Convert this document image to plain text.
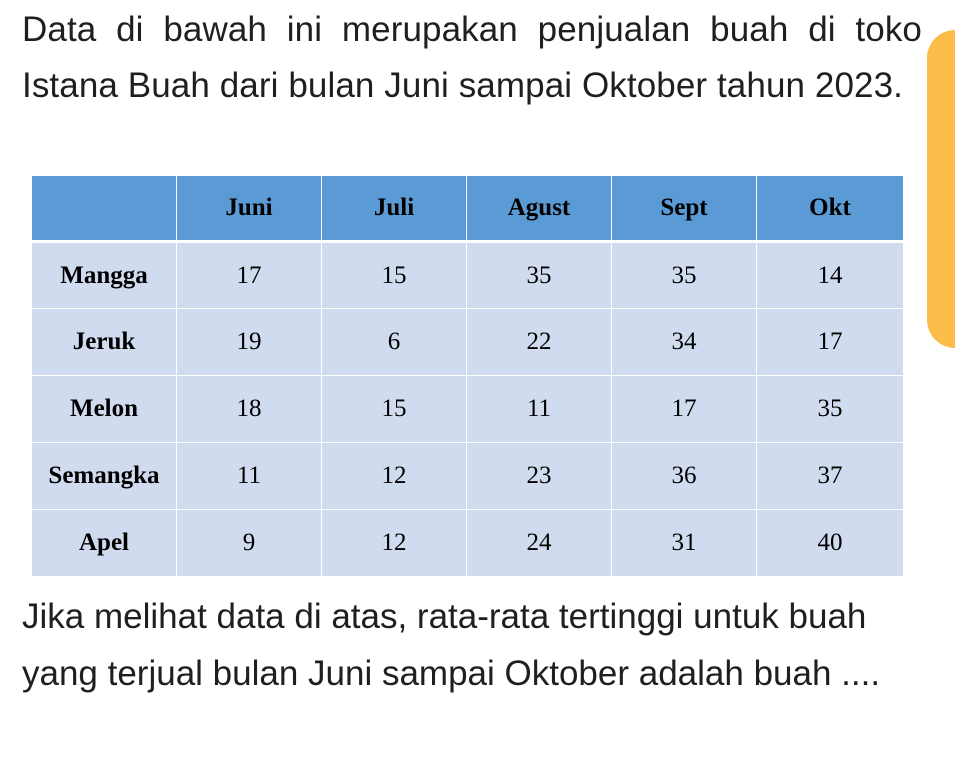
Data di bawah ini merupakan penjualan buah di toko Istana Buah dari bulan Juni sampai Oktober tahun 2023.

	Juni	Juli	Agust	Sept	Okt
Mangga	17	15	35	35	14
Jeruk	19	6	22	34	17
Melon	18	15	11	17	35
Semangka	11	12	23	36	37
Apel	9	12	24	31	40

Jika melihat data di atas, rata-rata tertinggi untuk buah yang terjual bulan Juni sampai Oktober adalah buah ....
